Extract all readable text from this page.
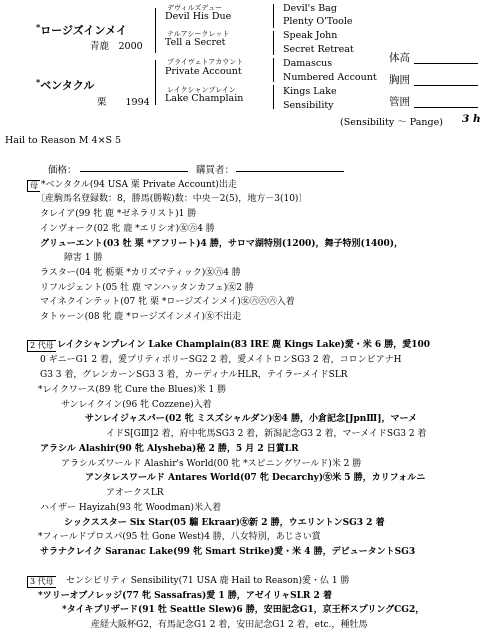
*ロージズインメイ
青鹿　2000
*ベンタクル
栗　　1994
デヴィルズデュー
Devil His Due
テルアシークレット
Tell a Secret
プライヴェトアカウント
Private Account
レイクシャンプレイン
Lake Champlain
Devil's Bag
Plenty O'Toole
Speak John
Secret Retreat
Damascus
Numbered Account
Kings Lake
Sensibility
(Sensibility ～ Pange) 3 h
体高
胸囲
管囲
Hail to Reason M 4×S 5
価格：	購買者：
母 *ベンタクル(94 USA 栗 Private Account)出走
〔産駒馬名登録数：8，勝馬(勝鞍)数：中央－2(5)，地方－3(10)〕
タレイア(99 牝 鹿 *ゼネラリスト)1 勝
インヴォーク(02 牝 鹿 *エリシオ)㊛㊅4 勝
グリューエント(03 牡 栗 *アフリート)4 勝，サロマ湖特別(1200)，舞子特別(1400)，
障害 1 勝
ラスター(04 牝 栃栗 *カリズマティック)㊛㊅4 勝
リフルジェント(05 牡 鹿 マンハッタンカフェ)㊛2 勝
マイネクインテット(07 牝 栗 *ロージズインメイ)㊛㊅㊅㊅入着
タトゥーン(08 牝 鹿 *ロージズインメイ)㊛不出走
2 代母 レイクシャンプレイン Lake Champlain(83 IRE 鹿 Kings Lake)愛・米 6 勝，愛100
0 ギニーG1 2 着，愛プリティポリーSG2 2 着，愛メイトロンSG3 2 着，コロンビアナH
G3 3 着，グレンカーンSG3 3 着，カーディナルHLR，テイラーメイドSLR
*レイクワース(89 牝 Cure the Blues)米 1 勝
サンレイクイン(96 牝 Cozzene)入着
サンレイジャスパー(02 牝 ミスズシャルダン)㊛4 勝，小倉記念[JpnⅢ]，マーメ
イドS[GⅢ]2 着，府中牝馬SG3 2 着，新潟記念G3 2 着，マーメイドSG3 2 着
アラシル Alashir(90 牝 Alysheba)秘 2 勝，5 月 2 日賞LR
アラシルズワールド Alashir's World(00 牝 *スピニングワールド)米 2 勝
アンタレスワールド Antares World(07 牝 Decarchy)㊛米 5 勝，カリフォルニ
アオークスLR
ハイザー Hayizah(93 牝 Woodman)米入着
シックススター Six Star(05 騸 Ekraar)㊛新 2 勝，ウエリントンSG3 2 着
*フィールドプロスパ(95 牡 Gone West)4 勝，八女特別，あじさい賞
サラナクレイク Saranac Lake(99 牝 Smart Strike)愛・米 4 勝，デビュータントSG3
3 代母 センシビリティ Sensibility(71 USA 鹿 Hail to Reason)愛・仏 1 勝
*ツリーオブノレッジ(77 牝 Sassafras)愛 1 勝，アゼイリャSLR 2 着
*タイキブリザード(91 牡 Seattle Slew)6 勝，安田記念G1，京王杯スプリングCG2，
産経大阪杯G2，有馬記念G1 2 着，安田記念G1 2 着，etc.，種牡馬
